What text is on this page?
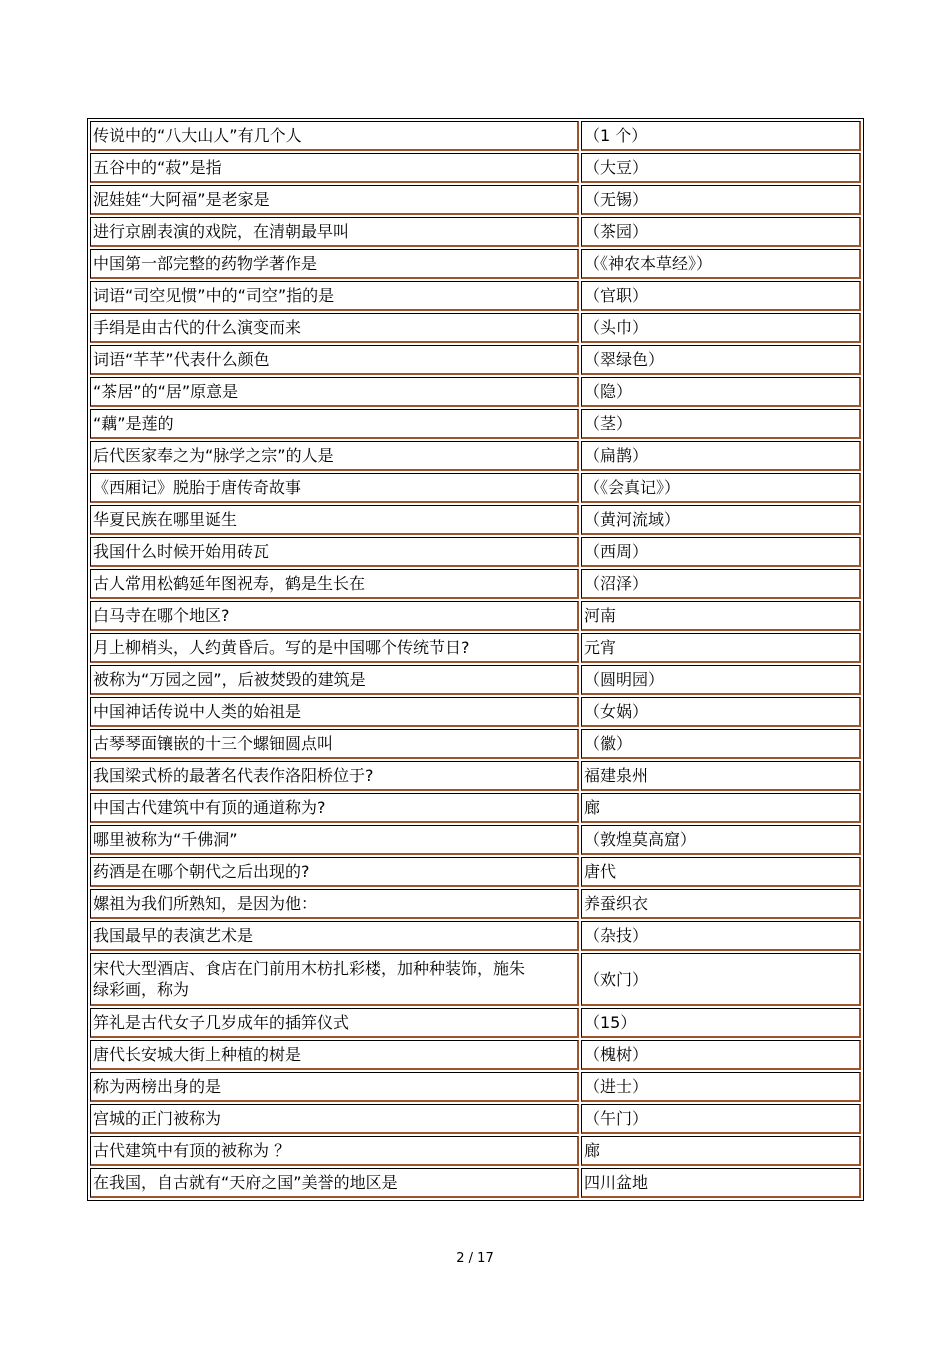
传说中的“八大山人”有几个人	（1 个）
五谷中的“菽”是指	（大豆）
泥娃娃“大阿福”是老家是	（无锡）
进行京剧表演的戏院，在清朝最早叫	（茶园）
中国第一部完整的药物学著作是	（《神农本草经》）
词语“司空见惯”中的“司空”指的是	（官职）
手绢是由古代的什么演变而来	（头巾）
词语“芊芊”代表什么颜色	（翠绿色）
“茶居”的“居”原意是	（隐）
“藕”是莲的	（茎）
后代医家奉之为“脉学之宗”的人是	（扁鹊）
《西厢记》脱胎于唐传奇故事	（《会真记》）
华夏民族在哪里诞生	（黄河流域）
我国什么时候开始用砖瓦	（西周）
古人常用松鹤延年图祝寿，鹤是生长在	（沼泽）
白马寺在哪个地区?	河南
月上柳梢头，人约黄昏后。写的是中国哪个传统节日?	元宵
被称为“万园之园”，后被焚毁的建筑是	（圆明园）
中国神话传说中人类的始祖是	（女娲）
古琴琴面镶嵌的十三个螺钿圆点叫	（徽）
我国梁式桥的最著名代表作洛阳桥位于?	福建泉州
中国古代建筑中有顶的通道称为?	廊
哪里被称为“千佛洞”	（敦煌莫高窟）
药酒是在哪个朝代之后出现的?	唐代
嫘祖为我们所熟知，是因为他：	养蚕织衣
我国最早的表演艺术是	（杂技）
宋代大型酒店、食店在门前用木枋扎彩楼，加种种装饰，施朱绿彩画，称为	（欢门）
笄礼是古代女子几岁成年的插笄仪式	（15）
唐代长安城大街上种植的树是	（槐树）
称为两榜出身的是	（进士）
宫城的正门被称为	（午门）
古代建筑中有顶的被称为 ？	廊
在我国，自古就有“天府之国”美誉的地区是	四川盆地
2 / 17
